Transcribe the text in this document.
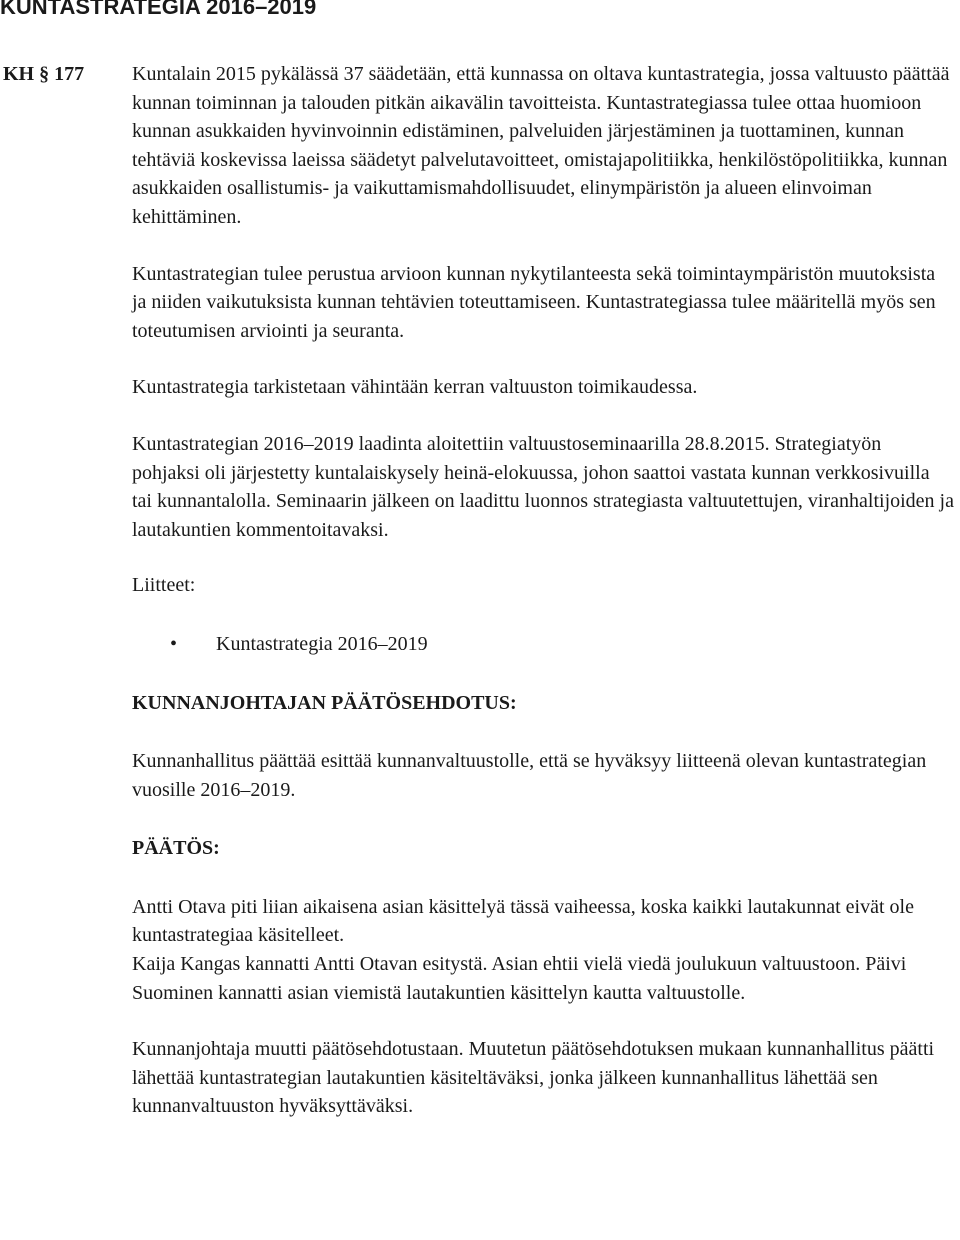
KUNTASTRATEGIA 2016–2019
KH § 177 Kuntalain 2015 pykälässä 37 säädetään, että kunnassa on oltava kuntastrategia, jossa valtuusto päättää kunnan toiminnan ja talouden pitkän aikavälin tavoitteista. Kuntastrategiassa tulee ottaa huomioon kunnan asukkaiden hyvinvoinnin edistäminen, palveluiden järjestäminen ja tuottaminen, kunnan tehtäviä koskevissa laeissa säädetyt palvelutavoitteet, omistajapolitiikka, henkilöstöpolitiikka, kunnan asukkaiden osallistumis- ja vaikuttamismahdollisuudet, elinympäristön ja alueen elinvoiman kehittäminen.

Kuntastrategian tulee perustua arvioon kunnan nykytilanteesta sekä toimintaympäristön muutoksista ja niiden vaikutuksista kunnan tehtävien toteuttamiseen. Kuntastrategiassa tulee määritellä myös sen toteutumisen arviointi ja seuranta.

Kuntastrategia tarkistetaan vähintään kerran valtuuston toimikaudessa.

Kuntastrategian 2016–2019 laadinta aloitettiin valtuustoseminaarilla 28.8.2015. Strategiatyön pohjaksi oli järjestetty kuntalaiskysely heinä-elokuussa, johon saattoi vastata kunnan verkkosivuilla tai kunnantalolla. Seminaarin jälkeen on laadittu luonnos strategiasta valtuutettujen, viranhaltijoiden ja lautakuntien kommentoitavaksi.

Liitteet:

• Kuntastrategia 2016–2019

KUNNANJOHTAJAN PÄÄTÖSEHDOTUS:

Kunnanhallitus päättää esittää kunnanvaltuustolle, että se hyväksyy liitteenä olevan kuntastrategian vuosille 2016–2019.

PÄÄTÖS:

Antti Otava piti liian aikaisena asian käsittelyä tässä vaiheessa, koska kaikki lautakunnat eivät ole kuntastrategiaa käsitelleet.

Kaija Kangas kannatti Antti Otavan esitystä. Asian ehtii vielä viedä joulukuun valtuustoon. Päivi Suominen kannatti asian viemistä lautakuntien käsittelyn kautta valtuustolle.

Kunnanjohtaja muutti päätösehdotustaan. Muutetun päätösehdotuksen mukaan kunnanhallitus päätti lähettää kuntastrategian lautakuntien käsiteltäväksi, jonka jälkeen kunnanhallitus lähettää sen kunnanvaltuuston hyväksyttäväksi.
